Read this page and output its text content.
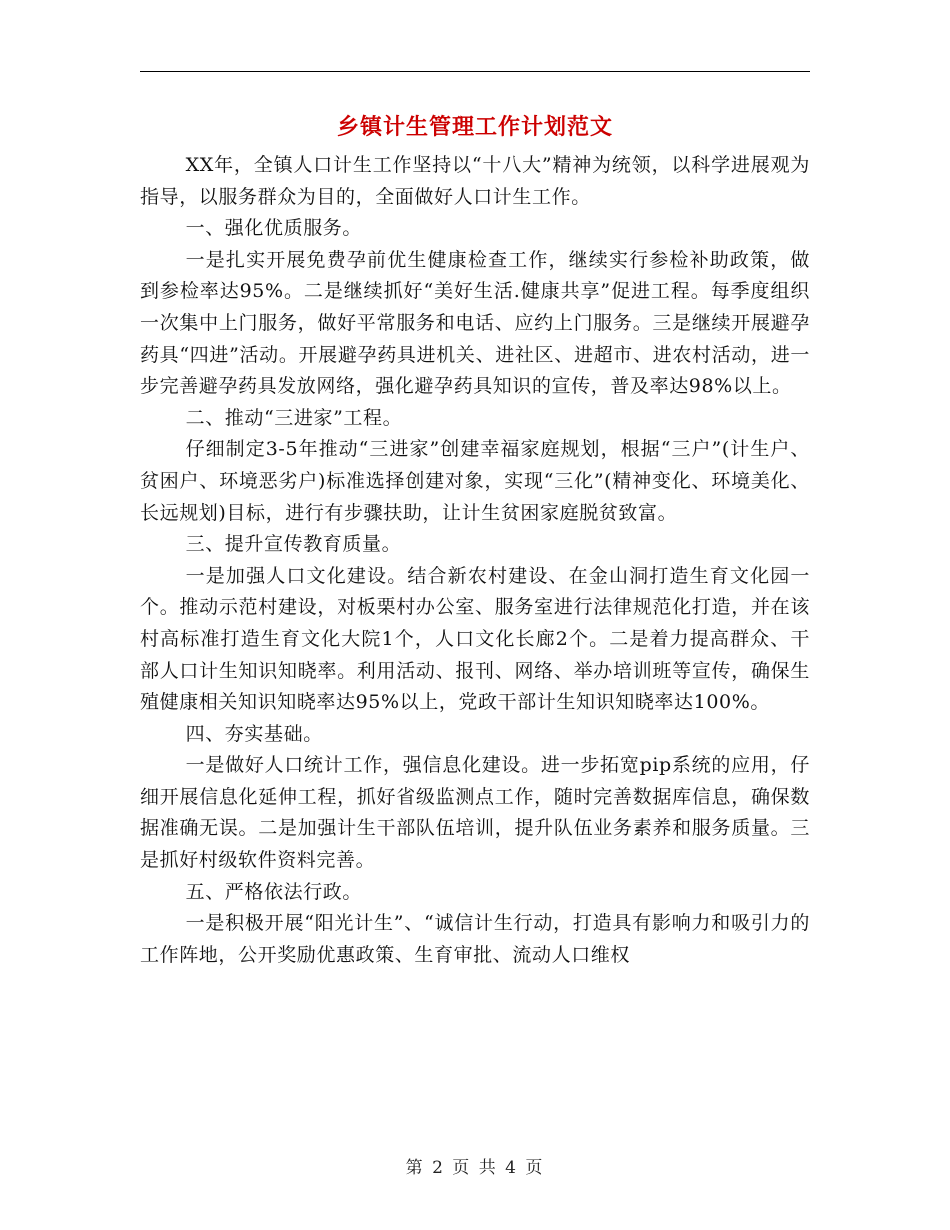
乡镇计生管理工作计划范文

XX年，全镇人口计生工作坚持以“十八大”精神为统领，以科学进展观为指导，以服务群众为目的，全面做好人口计生工作。

一、强化优质服务。

一是扎实开展免费孕前优生健康检查工作，继续实行参检补助政策，做到参检率达95%。二是继续抓好“美好生活.健康共享”促进工程。每季度组织一次集中上门服务，做好平常服务和电话、应约上门服务。三是继续开展避孕药具“四进”活动。开展避孕药具进机关、进社区、进超市、进农村活动，进一步完善避孕药具发放网络，强化避孕药具知识的宣传，普及率达98%以上。

二、推动“三进家”工程。

仔细制定3-5年推动“三进家”创建幸福家庭规划，根据“三户”(计生户、贫困户、环境恶劣户)标准选择创建对象，实现“三化”(精神变化、环境美化、长远规划)目标，进行有步骤扶助，让计生贫困家庭脱贫致富。

三、提升宣传教育质量。

一是加强人口文化建设。结合新农村建设、在金山洞打造生育文化园一个。推动示范村建设，对板栗村办公室、服务室进行法律规范化打造，并在该村高标准打造生育文化大院1个，人口文化长廊2个。二是着力提高群众、干部人口计生知识知晓率。利用活动、报刊、网络、举办培训班等宣传，确保生殖健康相关知识知晓率达95%以上，党政干部计生知识知晓率达100%。

四、夯实基础。

一是做好人口统计工作，强信息化建设。进一步拓宽pip系统的应用，仔细开展信息化延伸工程，抓好省级监测点工作，随时完善数据库信息，确保数据准确无误。二是加强计生干部队伍培训，提升队伍业务素养和服务质量。三是抓好村级软件资料完善。

五、严格依法行政。

一是积极开展“阳光计生”、“诚信计生行动，打造具有影响力和吸引力的工作阵地，公开奖励优惠政策、生育审批、流动人口维权

第 2 页 共 4 页
